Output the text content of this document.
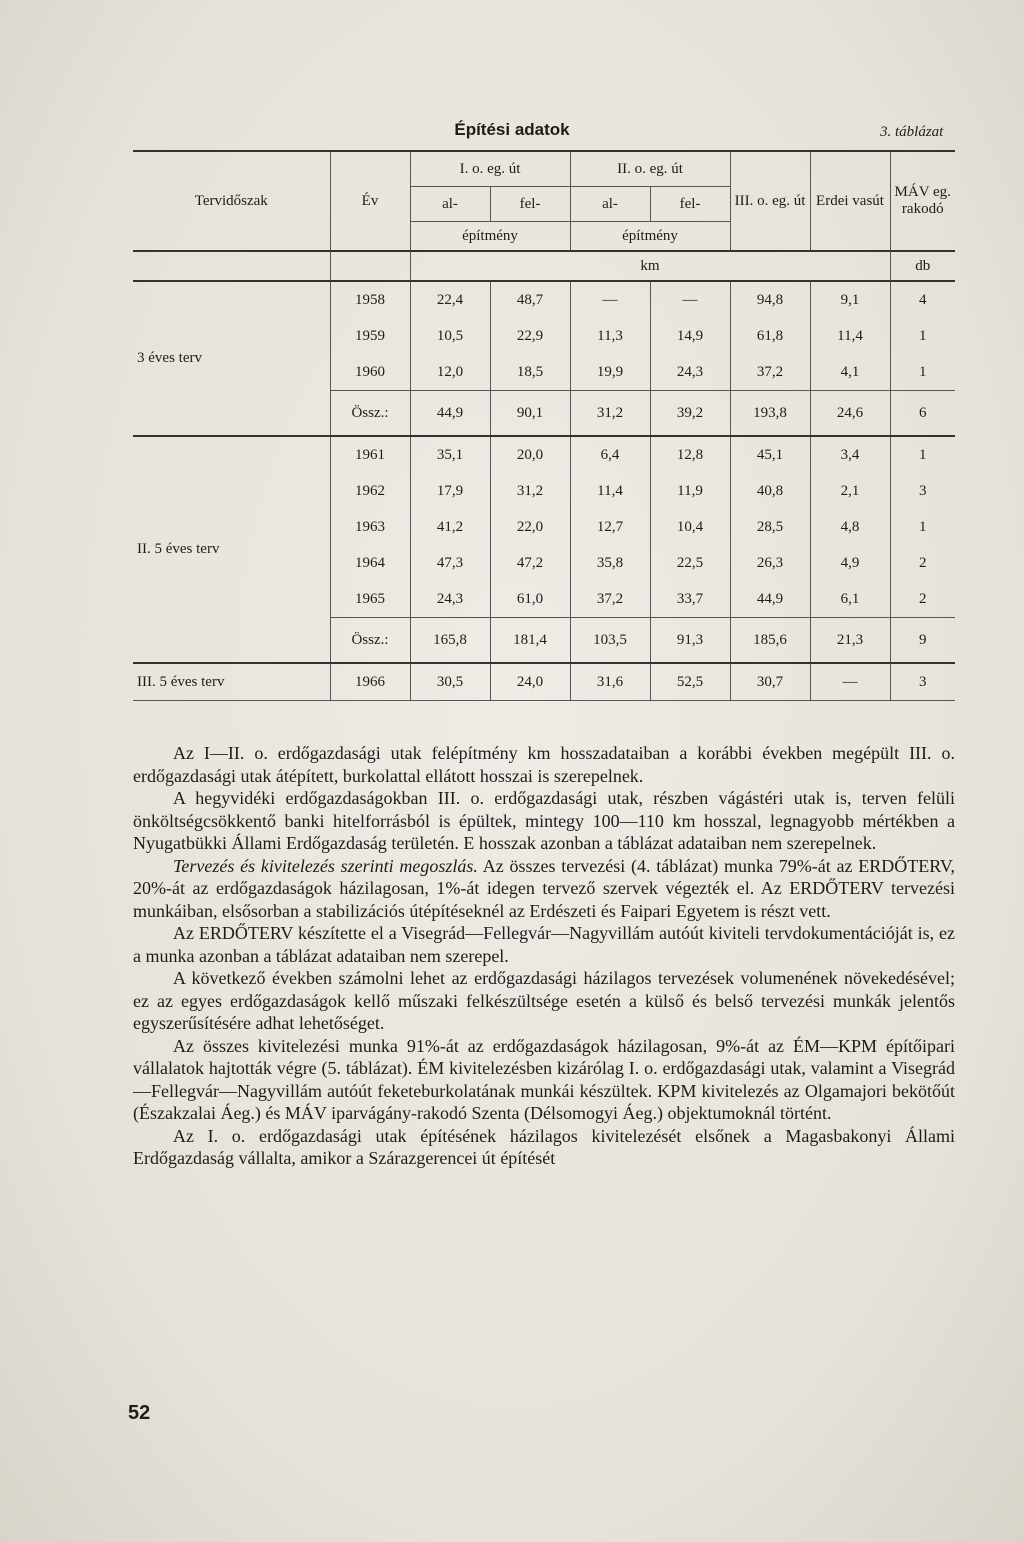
Építési adatok	3. táblázat
Tervidőszak	Év	I. o. eg. út		II. o. eg. út		III. o. eg. út	Erdei vasút	MÁV eg. rakodó
		al-	fel-	al-	fel-			
		építmény		építmény				
		km						db
3 éves terv	1958	22,4	48,7	—	—	94,8	9,1	4
	1959	10,5	22,9	11,3	14,9	61,8	11,4	1
	1960	12,0	18,5	19,9	24,3	37,2	4,1	1
	Össz.:	44,9	90,1	31,2	39,2	193,8	24,6	6
II. 5 éves terv	1961	35,1	20,0	6,4	12,8	45,1	3,4	1
	1962	17,9	31,2	11,4	11,9	40,8	2,1	3
	1963	41,2	22,0	12,7	10,4	28,5	4,8	1
	1964	47,3	47,2	35,8	22,5	26,3	4,9	2
	1965	24,3	61,0	37,2	33,7	44,9	6,1	2
	Össz.:	165,8	181,4	103,5	91,3	185,6	21,3	9
III. 5 éves terv	1966	30,5	24,0	31,6	52,5	30,7	—	3

Az I—II. o. erdőgazdasági utak felépítmény km hosszadataiban a korábbi években megépült III. o. erdőgazdasági utak átépített, burkolattal ellátott hosszai is szerepelnek.

A hegyvidéki erdőgazdaságokban III. o. erdőgazdasági utak, részben vágástéri utak is, terven felüli önköltségcsökkentő banki hitelforrásból is épültek, mintegy 100—110 km hosszal, legnagyobb mértékben a Nyugatbükki Állami Erdőgazdaság területén. E hosszak azonban a táblázat adataiban nem szerepelnek.

Tervezés és kivitelezés szerinti megoszlás. Az összes tervezési (4. táblázat) munka 79%-át az ERDŐTERV, 20%-át az erdőgazdaságok házilagosan, 1%-át idegen tervező szervek végezték el. Az ERDŐTERV tervezési munkáiban, elsősorban a stabilizációs útépítéseknél az Erdészeti és Faipari Egyetem is részt vett.

Az ERDŐTERV készítette el a Visegrád—Fellegvár—Nagyvillám autóút kiviteli tervdokumentációját is, ez a munka azonban a táblázat adataiban nem szerepel.

A következő években számolni lehet az erdőgazdasági házilagos tervezések volumenének növekedésével; ez az egyes erdőgazdaságok kellő műszaki felkészültsége esetén a külső és belső tervezési munkák jelentős egyszerűsítésére adhat lehetőséget.

Az összes kivitelezési munka 91%-át az erdőgazdaságok házilagosan, 9%-át az ÉM—KPM építőipari vállalatok hajtották végre (5. táblázat). ÉM kivitelezésben kizárólag I. o. erdőgazdasági utak, valamint a Visegrád—Fellegvár—Nagyvillám autóút feketeburkolatának munkái készültek. KPM kivitelezés az Olgamajori bekötőút (Északzalai Áeg.) és MÁV iparvágány-rakodó Szenta (Délsomogyi Áeg.) objektumoknál történt.

Az I. o. erdőgazdasági utak építésének házilagos kivitelezését elsőnek a Magasbakonyi Állami Erdőgazdaság vállalta, amikor a Szárazgerencei út építését

52
